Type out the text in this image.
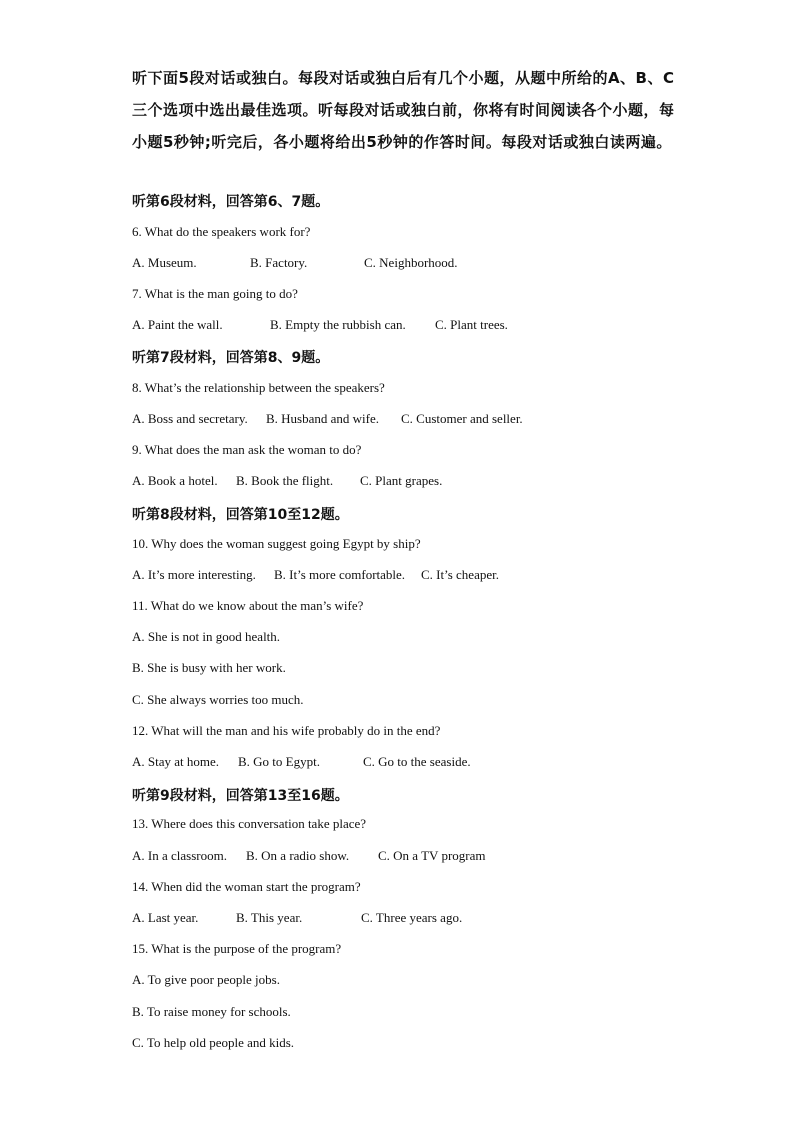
听下面5段对话或独白。每段对话或独白后有几个小题，从题中所给的A、B、C三个选项中选出最佳选项。听每段对话或独白前，你将有时间阅读各个小题，每小题5秒钟;听完后，各小题将给出5秒钟的作答时间。每段对话或独白读两遍。
听第6段材料，回答第6、7题。
6. What do the speakers work for?
A. Museum.	B. Factory.	C. Neighborhood.
7. What is the man going to do?
A. Paint the wall.	B. Empty the rubbish can. C. Plant trees.
听第7段材料，回答第8、9题。
8. What’s the relationship between the speakers?
A. Boss and secretary. B. Husband and wife. C. Customer and seller.
9. What does the man ask the woman to do?
A. Book a hotel. B. Book the flight. C. Plant grapes.
听第8段材料，回答第10至12题。
10. Why does the woman suggest going Egypt by ship?
A. It’s more interesting. B. It’s more comfortable. C. It’s cheaper.
11. What do we know about the man’s wife?
A. She is not in good health.
B. She is busy with her work.
C. She always worries too much.
12. What will the man and his wife probably do in the end?
A. Stay at home. B. Go to Egypt.	C. Go to the seaside.
听第9段材料，回答第13至16题。
13. Where does this conversation take place?
A. In a classroom. B. On a radio show. C. On a TV program
14. When did the woman start the program?
A. Last year.	B. This year.	C. Three years ago.
15. What is the purpose of the program?
A. To give poor people jobs.
B. To raise money for schools.
C. To help old people and kids.
